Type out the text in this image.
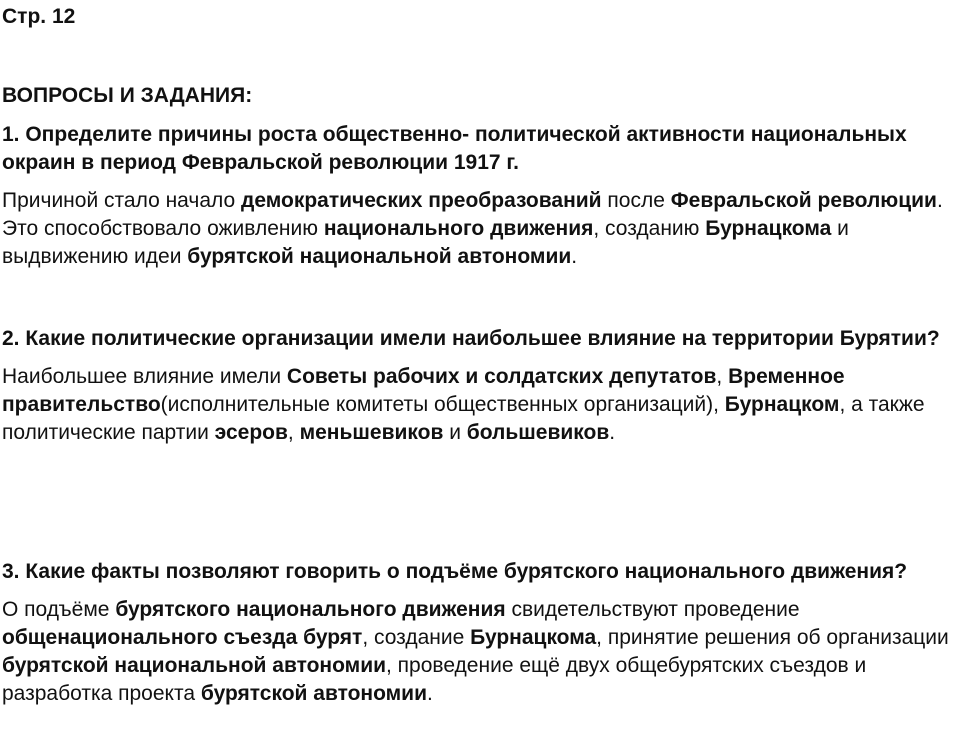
Стр. 12

ВОПРОСЫ И ЗАДАНИЯ:

1. Определите причины роста общественно- политической активности национальных окраин в период Февральской революции 1917 г.

Причиной стало начало демократических преобразований после Февральской революции. Это способствовало оживлению национального движения, созданию Бурнацкома и выдвижению идеи бурятской национальной автономии.

2. Какие политические организации имели наибольшее влияние на территории Бурятии?

Наибольшее влияние имели Советы рабочих и солдатских депутатов, Временное правительство(исполнительные комитеты общественных организаций), Бурнацком, а также политические партии эсеров, меньшевиков и большевиков.

3. Какие факты позволяют говорить о подъёме бурятского национального движения?

О подъёме бурятского национального движения свидетельствуют проведение общенационального съезда бурят, создание Бурнацкома, принятие решения об организации бурятской национальной автономии, проведение ещё двух общебурятских съездов и разработка проекта бурятской автономии.
